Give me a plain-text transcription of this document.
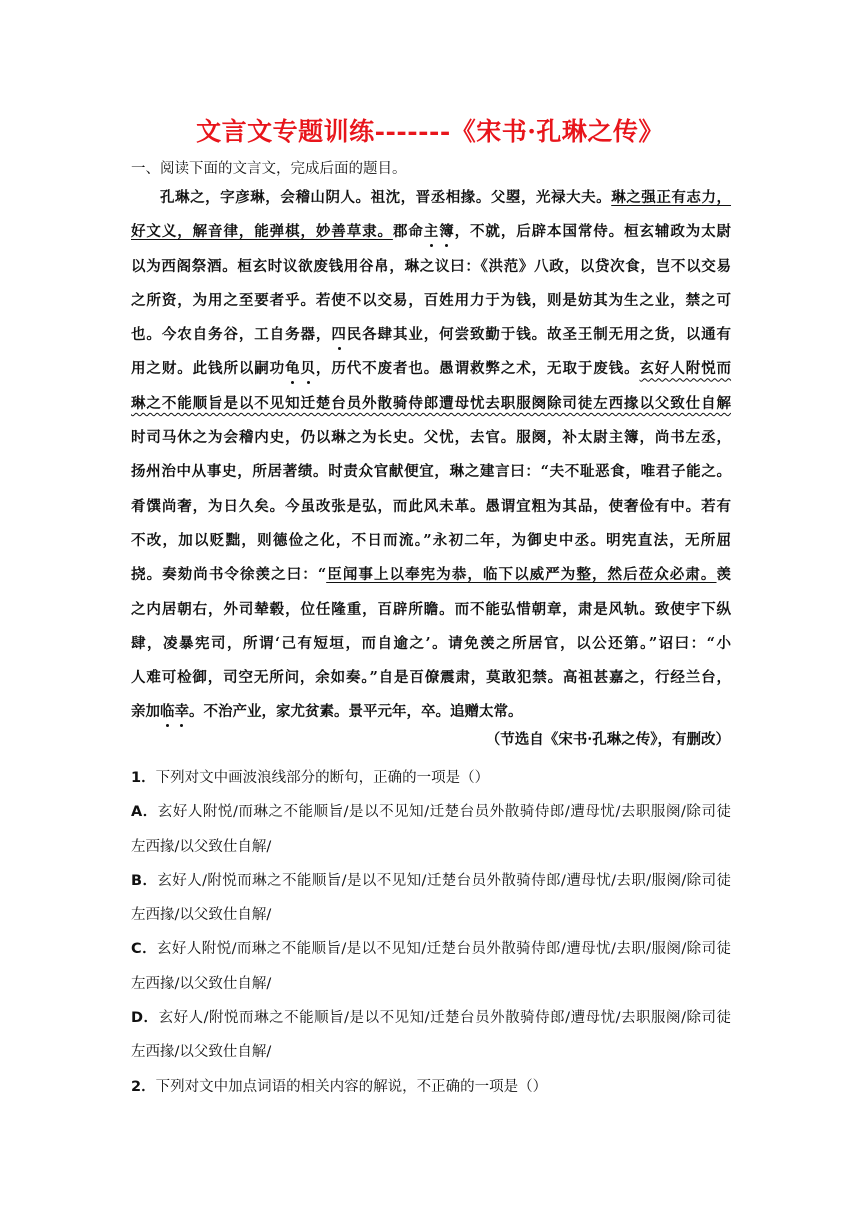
文言文专题训练-------《宋书·孔琳之传》
一、阅读下面的文言文，完成后面的题目。
孔琳之，字彦琳，会稽山阴人。祖沈，晋丞相掾。父曌，光禄大夫。琳之强正有志力，
好文义，解音律，能弹棋，妙善草隶。郡命主簿，不就，后辟本国常侍。桓玄辅政为太尉
以为西阁祭酒。桓玄时议欲废钱用谷帛，琳之议曰：《洪范》八政，以贷次食，岂不以交易
之所资，为用之至要者乎。若使不以交易，百姓用力于为钱，则是妨其为生之业，禁之可
也。今农自务谷，工自务器，四民各肆其业，何尝致勤于钱。故圣王制无用之货，以通有
用之财。此钱所以嗣功龟贝，历代不废者也。愚谓救弊之术，无取于废钱。玄好人附悦而
琳之不能顺旨是以不见知迁楚台员外散骑侍郎遭母忧去职服阕除司徒左西掾以父致仕自解
时司马休之为会稽内史，仍以琳之为长史。父忧，去官。服阕，补太尉主簿，尚书左丞，
扬州治中从事史，所居著绩。时责众官献便宜，琳之建言曰：“夫不耻恶食，唯君子能之。
肴馔尚奢，为日久矣。今虽改张是弘，而此风未革。愚谓宜粗为其品，使奢俭有中。若有
不改，加以贬黜，则德俭之化，不日而流。”永初二年，为御史中丞。明宪直法，无所屈
挠。奏劾尚书令徐羡之曰：“臣闻事上以奉宪为恭，临下以威严为整，然后莅众必肃。羡
之内居朝右，外司辇毂，位任隆重，百辟所瞻。而不能弘惜朝章，肃是风轨。致使宇下纵
肆，凌暴宪司，所谓‘己有短垣，而自逾之’。请免羡之所居官，以公还第。”诏曰：“小
人难可检御，司空无所问，余如奏。”自是百僚震肃，莫敢犯禁。高祖甚嘉之，行经兰台，
亲加临幸。不治产业，家尤贫素。景平元年，卒。追赠太常。
（节选自《宋书·孔琳之传》，有删改）
1．下列对文中画波浪线部分的断句，正确的一项是（）
A．玄好人附悦/而琳之不能顺旨/是以不见知/迁楚台员外散骑侍郎/遭母忧/去职服阕/除司徒
左西掾/以父致仕自解/
B．玄好人/附悦而琳之不能顺旨/是以不见知/迁楚台员外散骑侍郎/遭母忧/去职/服阕/除司徒
左西掾/以父致仕自解/
C．玄好人附悦/而琳之不能顺旨/是以不见知/迁楚台员外散骑侍郎/遭母忧/去职/服阕/除司徒
左西掾/以父致仕自解/
D．玄好人/附悦而琳之不能顺旨/是以不见知/迁楚台员外散骑侍郎/遭母忧/去职服阕/除司徒
左西掾/以父致仕自解/
2．下列对文中加点词语的相关内容的解说，不正确的一项是（）
